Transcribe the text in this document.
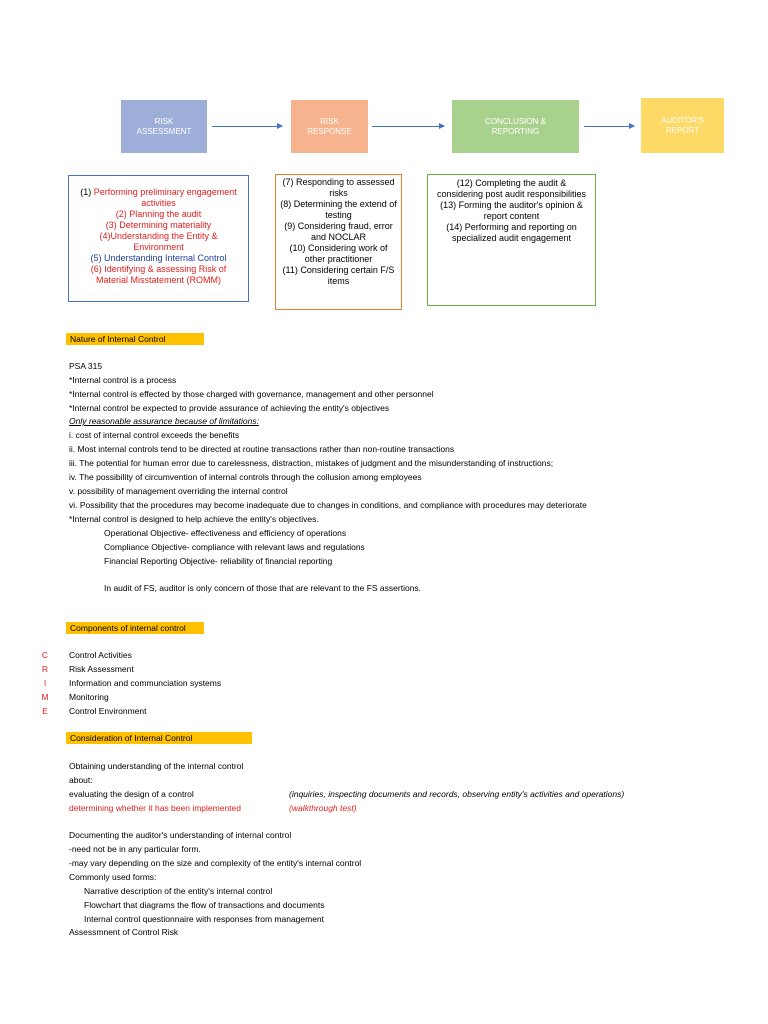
RISK ASSESSMENT
RISK RESPONSE
CONCLUSION & REPORTING
AUDITOR'S REPORT
(1) Performing preliminary engagement activities
(2) Planning the audit
(3) Determining materiality
(4)Understanding the Entity & Environment
(5) Understanding Internal Control
(6) Identifying & assessing Risk of Material Misstatement (ROMM)
(7) Responding to assessed risks
(8) Determining the extend of testing
(9) Considering fraud, error and NOCLAR
(10) Considering work of other practitioner
(11) Considering certain F/S items
(12) Completing the audit & considering post audit responsibilities
(13) Forming the auditor's opinion & report content
(14) Performing and reporting on specialized audit engagement
Nature of Internal Control
PSA 315
*Internal control is a process
*Internal control is effected by those charged with governance, management and other personnel
*Internal control be expected to provide assurance of achieving the entity's objectives
Only reasonable assurance because of limitations:
i. cost of internal control exceeds the benefits
ii. Most internal controls tend to be directed at routine transactions rather than non-routine transactions
iii. The potential for human error due to carelessness, distraction, mistakes of judgment and the misunderstanding of instructions;
iv. The possibility of circumvention of internal controls through the collusion among employees
v. possibility of management overriding the internal control
vi. Possibility that the procedures may become inadequate due to changes in conditions, and compliance with procedures may deteriorate
*Internal control is designed to help achieve the entity's objectives.
Operational Objective- effectiveness and efficiency of operations
Compliance Objective- compliance with relevant laws and regulations
Financial Reporting Objective- reliability of financial reporting
In audit of FS, auditor is only concern of those that are relevant to the FS assertions.
Components of internal control
C
R
I
M
E
Control Activities
Risk Assessment
Information and communciation systems
Monitoring
Control Environment
Consideration of Internal Control
Obtaining understanding of the internal control
about:
evaluating the design of a control	(inquiries, inspecting documents and records, observing entity's activities and operations)
determining whether it has been implemented	(walkthrough test)
Documenting the auditor's understanding of internal control
-need not be in any particular form.
-may vary depending on the size and complexity of the entity's internal control
Commonly used forms:
Narrative description of the entity's internal control
Flowchart that diagrams the flow of transactions and documents
Internal control questionnaire with responses from management
Assessmnent of Control Risk
